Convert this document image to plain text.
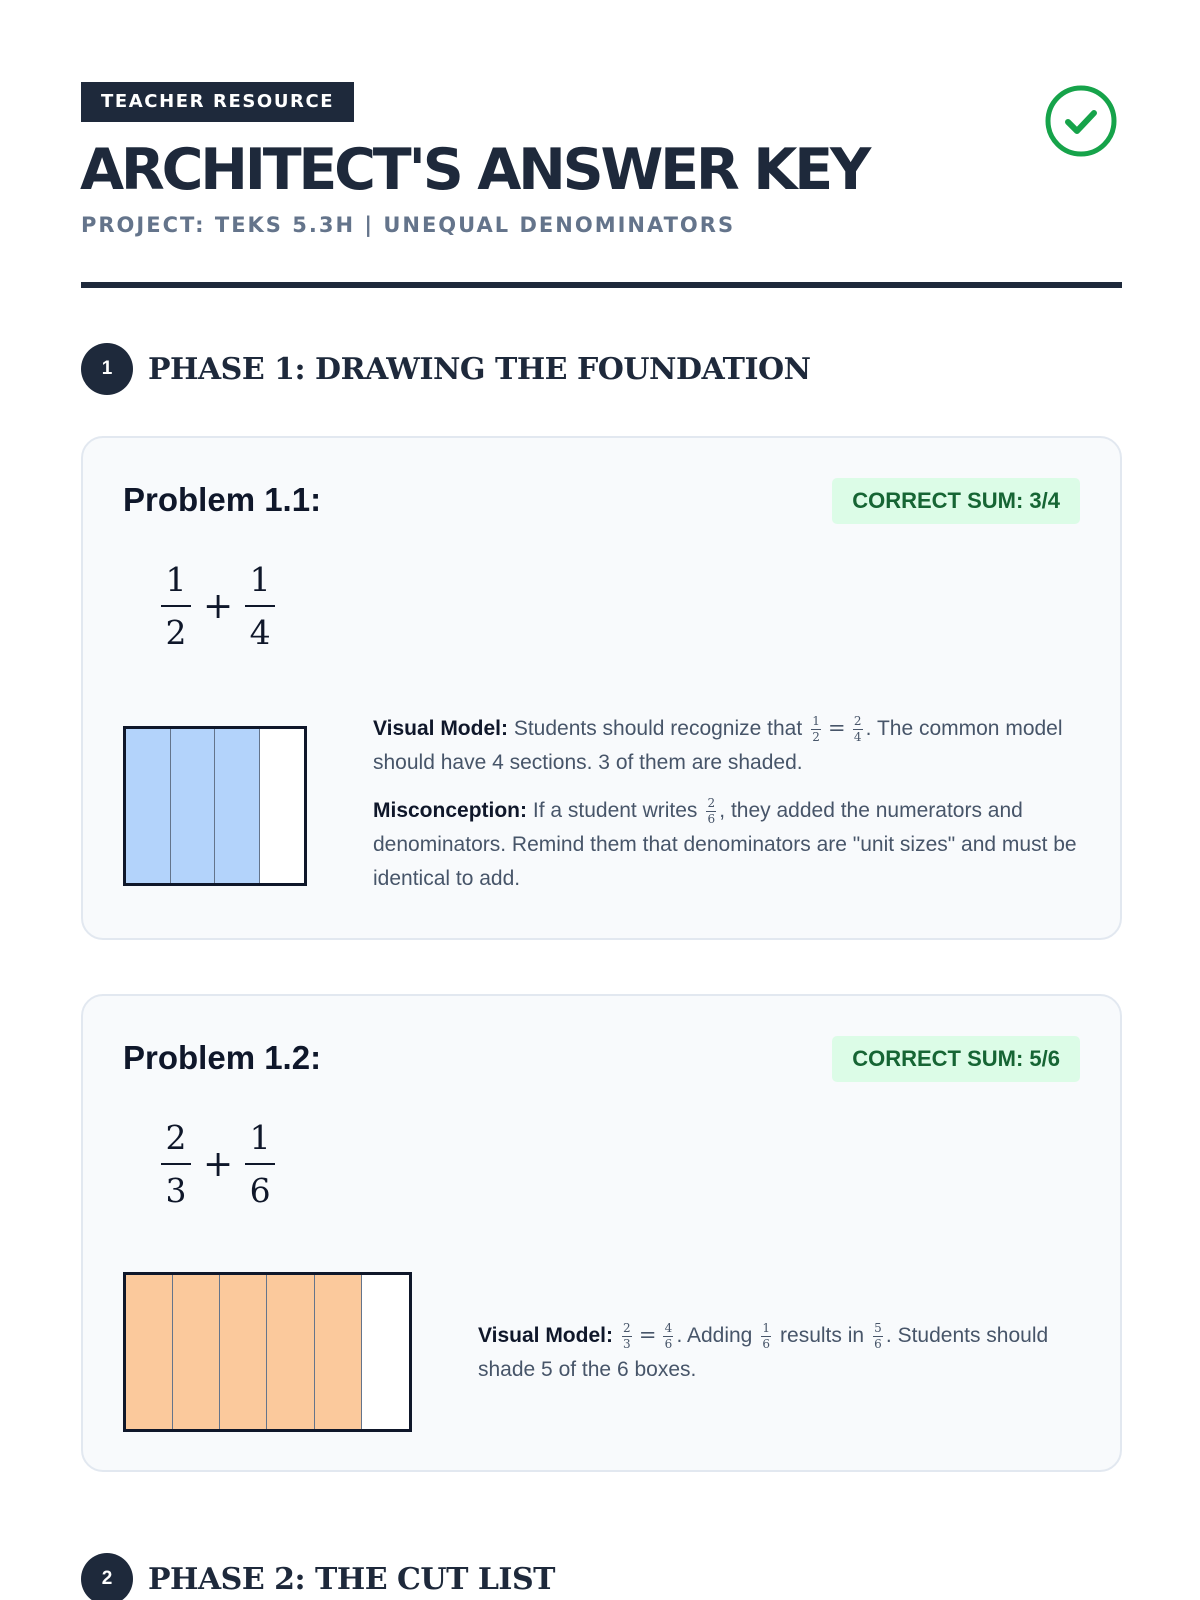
TEACHER RESOURCE
ARCHITECT'S ANSWER KEY
PROJECT: TEKS 5.3H | UNEQUAL DENOMINATORS
1	PHASE 1: DRAWING THE FOUNDATION
Problem 1.1:	CORRECT SUM: 3/4
$\frac{1}{2} + \frac{1}{4}$

Visual Model: Students should recognize that $\frac{1}{2} = \frac{2}{4}$ . The common model should have 4 sections. 3 of them are shaded.

Misconception: If a student writes $\frac{2}{6}$ , they added the numerators and denominators. Remind them that denominators are "unit sizes" and must be identical to add.

Problem 1.2:	CORRECT SUM: 5/6
$\frac{2}{3} + \frac{1}{6}$

Visual Model: $\frac{2}{3} = \frac{4}{6}$ . Adding $\frac{1}{6}$ results in $\frac{5}{6}$ . Students should shade 5 of the 6 boxes.

2	PHASE 2: THE CUT LIST
